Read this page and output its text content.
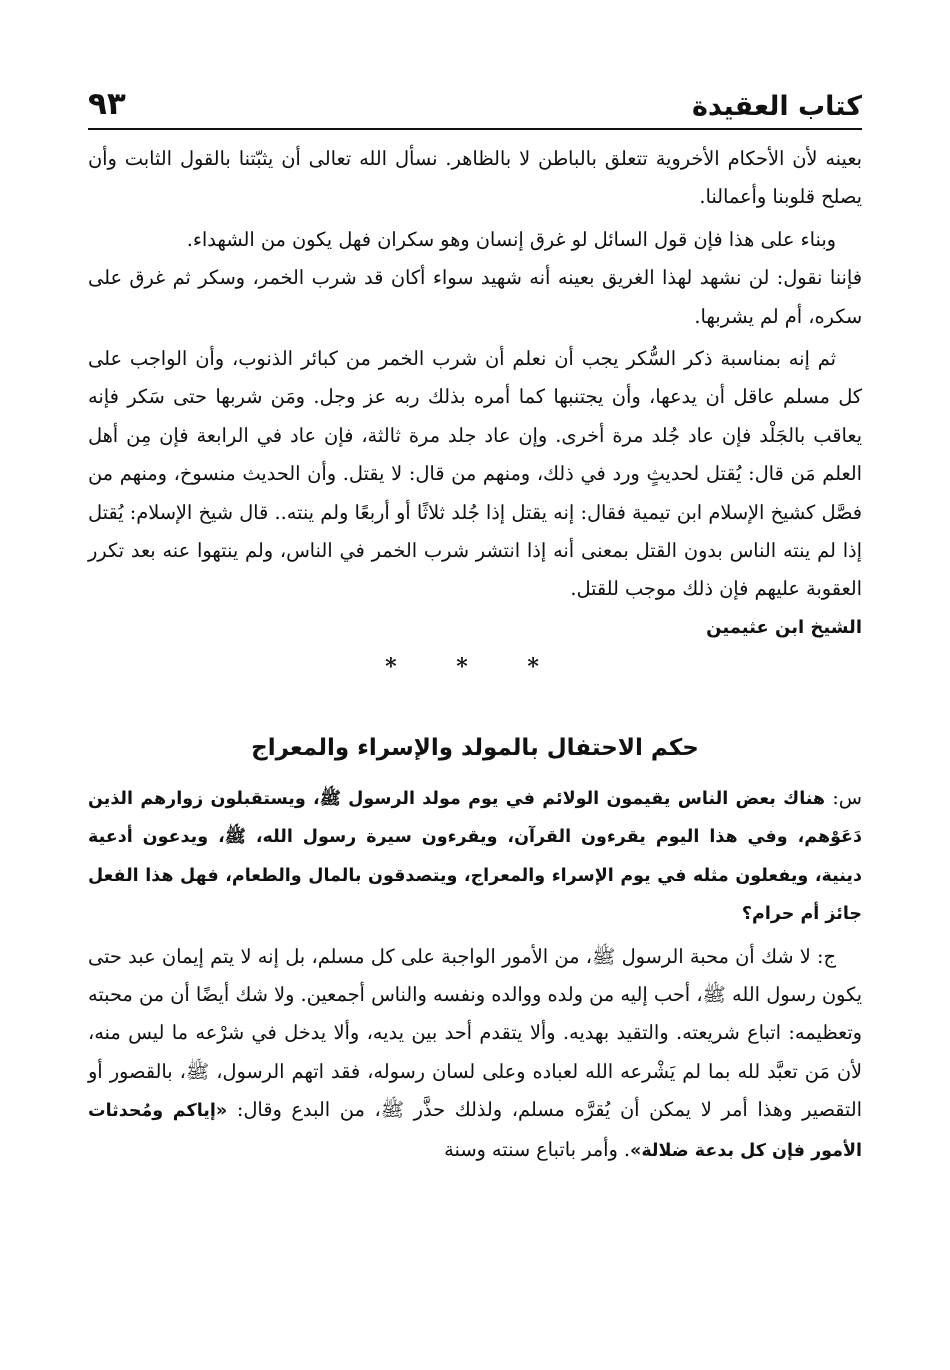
كتاب العقيدة
٩٣

بعينه لأن الأحكام الأخروية تتعلق بالباطن لا بالظاهر. نسأل الله تعالى أن يثبّتنا بالقول الثابت وأن يصلح قلوبنا وأعمالنا.

وبناء على هذا فإن قول السائل لو غرق إنسان وهو سكران فهل يكون من الشهداء.

فإننا نقول: لن نشهد لهذا الغريق بعينه أنه شهيد سواء أكان قد شرب الخمر، وسكر ثم غرق على سكره، أم لم يشربها.

ثم إنه بمناسبة ذكر السُّكر يجب أن نعلم أن شرب الخمر من كبائر الذنوب، وأن الواجب على كل مسلم عاقل أن يدعها، وأن يجتنبها كما أمره بذلك ربه عز وجل. ومَن شربها حتى سَكر فإنه يعاقب بالجَلْد فإن عاد جُلد مرة أخرى. وإن عاد جلد مرة ثالثة، فإن عاد في الرابعة فإن مِن أهل العلم مَن قال: يُقتل لحديثٍ ورد في ذلك، ومنهم من قال: لا يقتل. وأن الحديث منسوخ، ومنهم من فصَّل كشيخ الإسلام ابن تيمية فقال: إنه يقتل إذا جُلد ثلاثًا أو أربعًا ولم ينته.. قال شيخ الإسلام: يُقتل إذا لم ينته الناس بدون القتل بمعنى أنه إذا انتشر شرب الخمر في الناس، ولم ينتهوا عنه بعد تكرر العقوبة عليهم فإن ذلك موجب للقتل.

الشيخ ابن عثيمين

* * *

حكم الاحتفال بالمولد والإسراء والمعراج

س: هناك بعض الناس يقيمون الولائم في يوم مولد الرسول ﷺ، ويستقبلون زوارهم الذين دَعَوْهم، وفي هذا اليوم يقرءون القرآن، ويقرءون سيرة رسول الله، ﷺ، ويدعون أدعية دينية، ويفعلون مثله في يوم الإسراء والمعراج، ويتصدقون بالمال والطعام، فهل هذا الفعل جائز أم حرام؟

ج: لا شك أن محبة الرسول ﷺ، من الأمور الواجبة على كل مسلم، بل إنه لا يتم إيمان عبد حتى يكون رسول الله ﷺ، أحب إليه من ولده ووالده ونفسه والناس أجمعين. ولا شك أيضًا أن من محبته وتعظيمه: اتباع شريعته. والتقيد بهديه. وألا يتقدم أحد بين يديه، وألا يدخل في شرْعه ما ليس منه، لأن مَن تعبَّد لله بما لم يَشْرعه الله لعباده وعلى لسان رسوله، فقد اتهم الرسول، ﷺ، بالقصور أو التقصير وهذا أمر لا يمكن أن يُقرَّه مسلم، ولذلك حذَّر ﷺ، من البدع وقال: «إياكم ومُحدثات الأمور فإن كل بدعة ضلالة». وأمر باتباع سنته وسنة
